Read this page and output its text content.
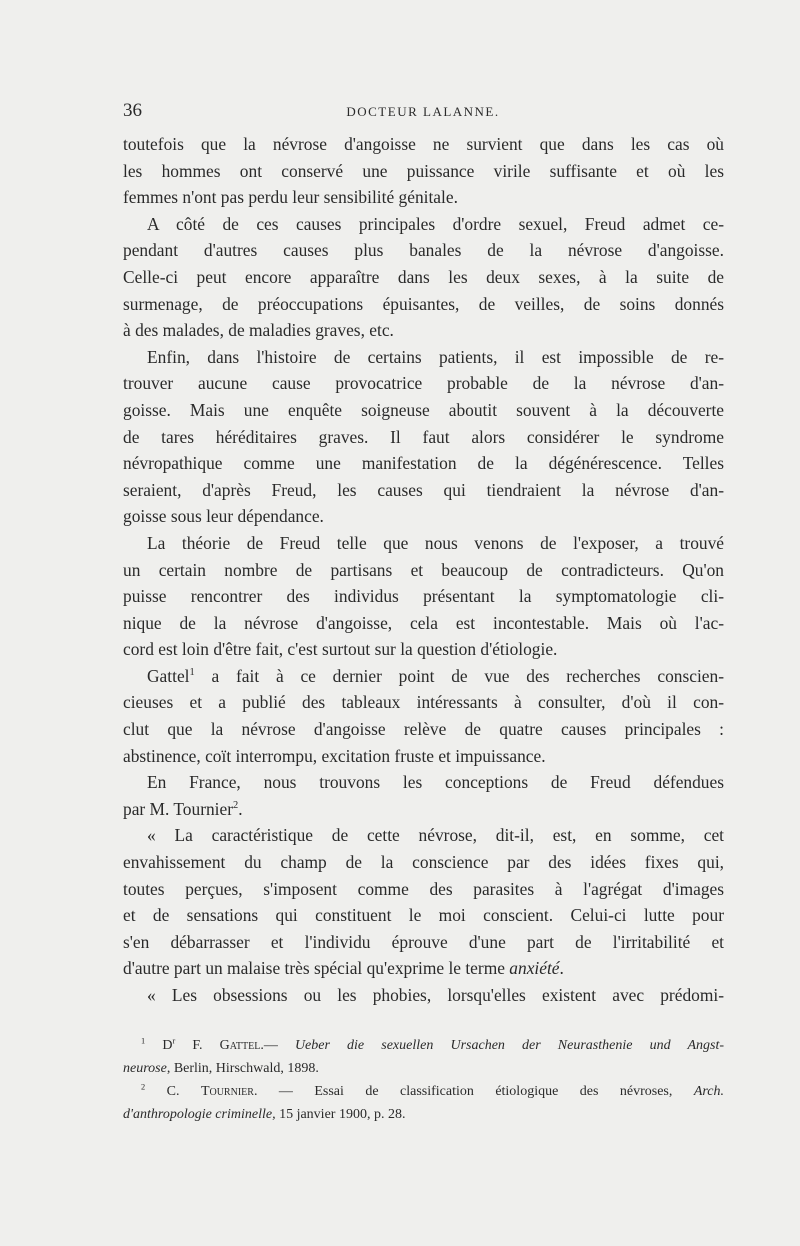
36	DOCTEUR LALANNE.

toutefois que la névrose d'angoisse ne survient que dans les cas où

les hommes ont conservé une puissance virile suffisante et où les

femmes n'ont pas perdu leur sensibilité génitale.

A côté de ces causes principales d'ordre sexuel, Freud admet ce-

pendant d'autres causes plus banales de la névrose d'angoisse.

Celle-ci peut encore apparaître dans les deux sexes, à la suite de

surmenage, de préoccupations épuisantes, de veilles, de soins donnés

à des malades, de maladies graves, etc.

Enfin, dans l'histoire de certains patients, il est impossible de re-

trouver aucune cause provocatrice probable de la névrose d'an-

goisse. Mais une enquête soigneuse aboutit souvent à la découverte

de tares héréditaires graves. Il faut alors considérer le syndrome

névropathique comme une manifestation de la dégénérescence. Telles

seraient, d'après Freud, les causes qui tiendraient la névrose d'an-

goisse sous leur dépendance.

La théorie de Freud telle que nous venons de l'exposer, a trouvé

un certain nombre de partisans et beaucoup de contradicteurs. Qu'on

puisse rencontrer des individus présentant la symptomatologie cli-

nique de la névrose d'angoisse, cela est incontestable. Mais où l'ac-

cord est loin d'être fait, c'est surtout sur la question d'étiologie.

Gattel$^1$ a fait à ce dernier point de vue des recherches conscien-

cieuses et a publié des tableaux intéressants à consulter, d'où il con-

clut que la névrose d'angoisse relève de quatre causes principales :

abstinence, coït interrompu, excitation fruste et impuissance.

En France, nous trouvons les conceptions de Freud défendues

par M. Tournier$^2$.

« La caractéristique de cette névrose, dit-il, est, en somme, cet

envahissement du champ de la conscience par des idées fixes qui,

toutes perçues, s'imposent comme des parasites à l'agrégat d'images

et de sensations qui constituent le moi conscient. Celui-ci lutte pour

s'en débarrasser et l'individu éprouve d'une part de l'irritabilité et

d'autre part un malaise très spécial qu'exprime le terme anxiété.

« Les obsessions ou les phobies, lorsqu'elles existent avec prédomi-

$^1$ $D^r$ F. Gattel.— Ueber die sexuellen Ursachen der Neurasthenie und Angst-

neurose, Berlin, Hirschwald, 1898.

$^2$ C. Tournier. — Essai de classification étiologique des névroses, Arch.

d'anthropologie criminelle, 15 janvier 1900, p. 28.
